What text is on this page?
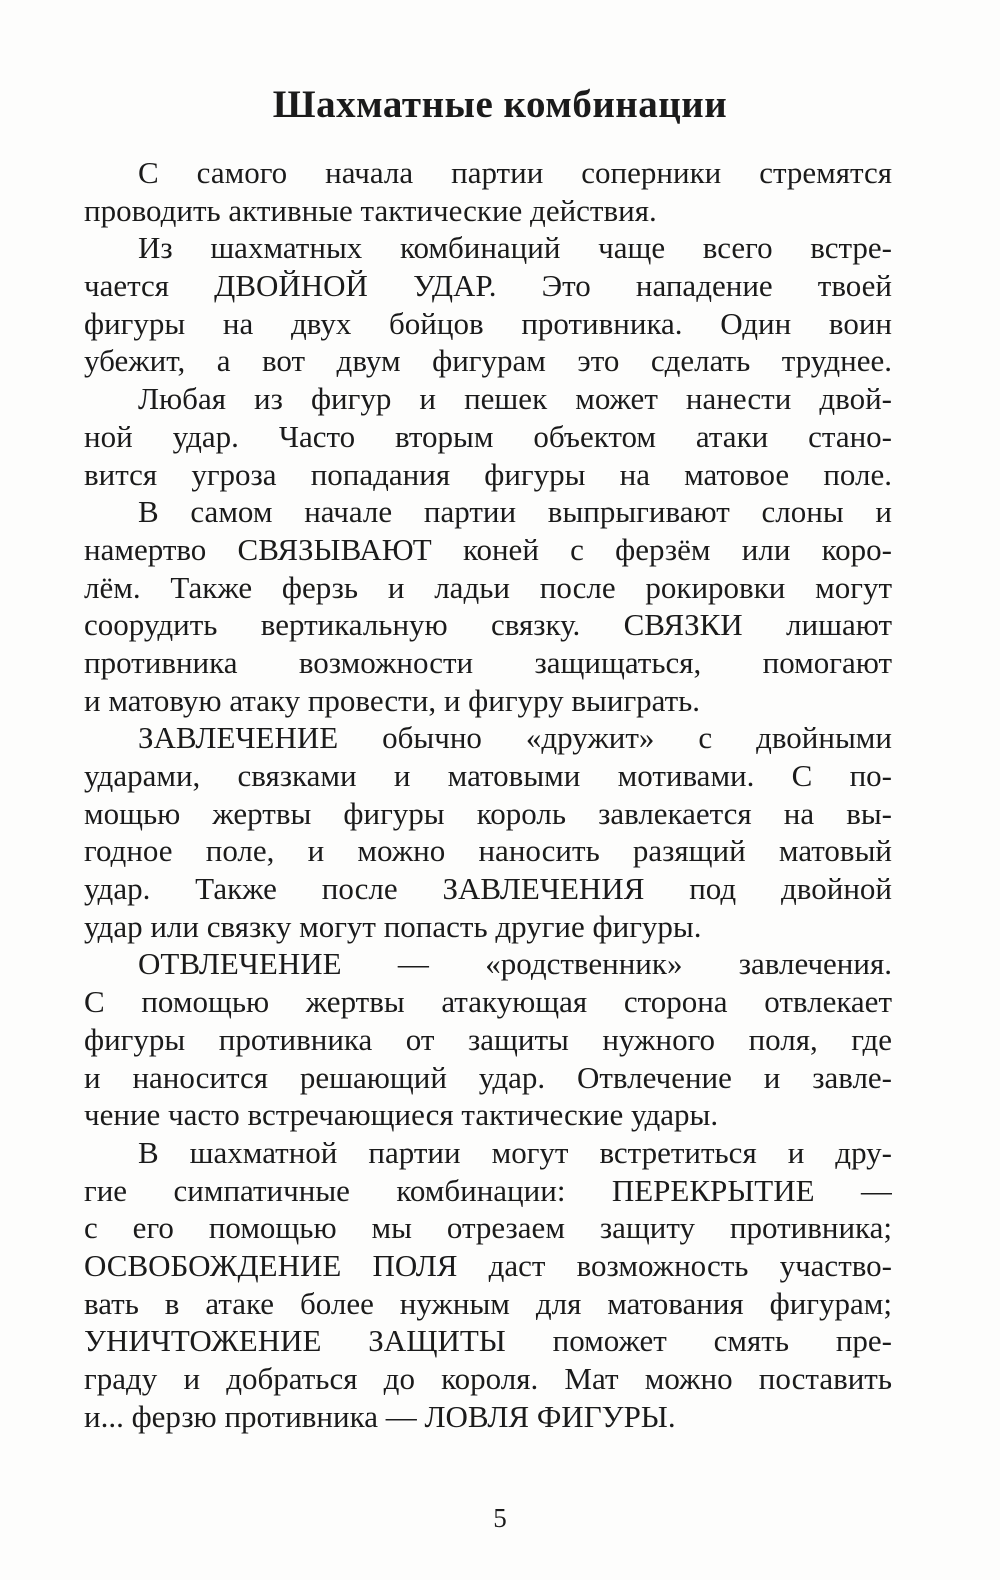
Шахматные комбинации
С самого начала партии соперники стремятся
проводить активные тактические действия.
Из шахматных комбинаций чаще всего встре-
чается ДВОЙНОЙ УДАР. Это нападение твоей
фигуры на двух бойцов противника. Один воин
убежит, а вот двум фигурам это сделать труднее.
Любая из фигур и пешек может нанести двой-
ной удар. Часто вторым объектом атаки стано-
вится угроза попадания фигуры на матовое поле.
В самом начале партии выпрыгивают слоны и
намертво СВЯЗЫВАЮТ коней с ферзём или коро-
лём. Также ферзь и ладьи после рокировки могут
соорудить вертикальную связку. СВЯЗКИ лишают
противника возможности защищаться, помогают
и матовую атаку провести, и фигуру выиграть.
ЗАВЛЕЧЕНИЕ обычно «дружит» с двойными
ударами, связками и матовыми мотивами. С по-
мощью жертвы фигуры король завлекается на вы-
годное поле, и можно наносить разящий матовый
удар. Также после ЗАВЛЕЧЕНИЯ под двойной
удар или связку могут попасть другие фигуры.
ОТВЛЕЧЕНИЕ — «родственник» завлечения.
С помощью жертвы атакующая сторона отвлекает
фигуры противника от защиты нужного поля, где
и наносится решающий удар. Отвлечение и завле-
чение часто встречающиеся тактические удары.
В шахматной партии могут встретиться и дру-
гие симпатичные комбинации: ПЕРЕКРЫТИЕ —
с его помощью мы отрезаем защиту противника;
ОСВОБОЖДЕНИЕ ПОЛЯ даст возможность участво-
вать в атаке более нужным для матования фигурам;
УНИЧТОЖЕНИЕ ЗАЩИТЫ поможет смять пре-
граду и добраться до короля. Мат можно поставить
и... ферзю противника — ЛОВЛЯ ФИГУРЫ.
5
